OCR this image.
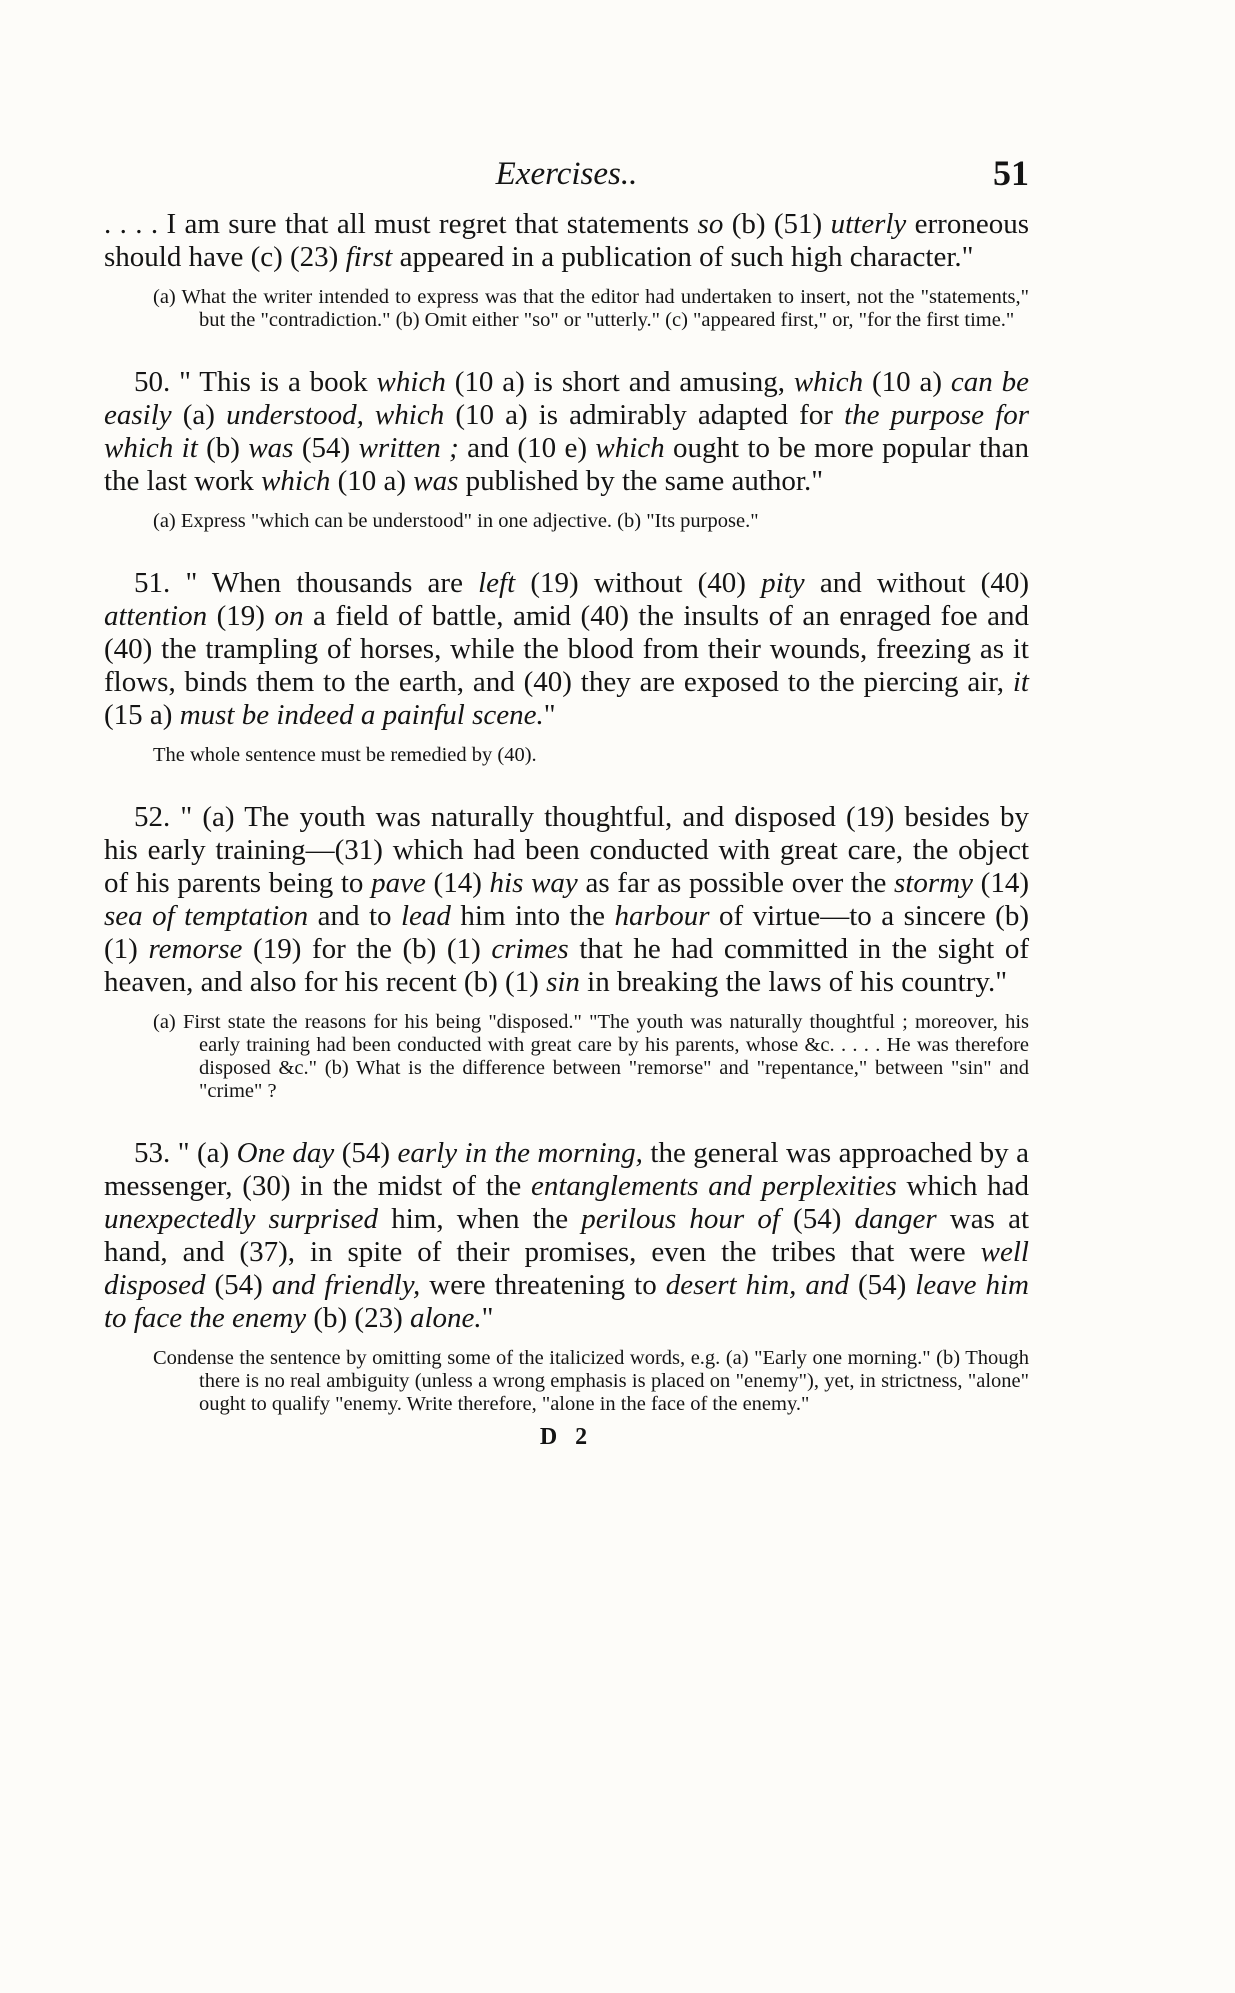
Exercises..	51

. . . . I am sure that all must regret that statements so (b) (51) utterly erroneous should have (c) (23) first appeared in a publication of such high character."

(a) What the writer intended to express was that the editor had undertaken to insert, not the "statements," but the "contradiction." (b) Omit either "so" or "utterly." (c) "appeared first," or, "for the first time."

50. " This is a book which (10 a) is short and amusing, which (10 a) can be easily (a) understood, which (10 a) is admirably adapted for the purpose for which it (b) was (54) written ; and (10 e) which ought to be more popular than the last work which (10 a) was published by the same author."

(a) Express "which can be understood" in one adjective. (b) "Its purpose."

51. " When thousands are left (19) without (40) pity and without (40) attention (19) on a field of battle, amid (40) the insults of an enraged foe and (40) the trampling of horses, while the blood from their wounds, freezing as it flows, binds them to the earth, and (40) they are exposed to the piercing air, it (15 a) must be indeed a painful scene."

The whole sentence must be remedied by (40).

52. " (a) The youth was naturally thoughtful, and disposed (19) besides by his early training—(31) which had been conducted with great care, the object of his parents being to pave (14) his way as far as possible over the stormy (14) sea of temptation and to lead him into the harbour of virtue—to a sincere (b) (1) remorse (19) for the (b) (1) crimes that he had committed in the sight of heaven, and also for his recent (b) (1) sin in breaking the laws of his country."

(a) First state the reasons for his being "disposed." "The youth was naturally thoughtful ; moreover, his early training had been conducted with great care by his parents, whose &c. . . . . He was therefore disposed &c." (b) What is the difference between "remorse" and "repentance," between "sin" and "crime" ?

53. " (a) One day (54) early in the morning, the general was approached by a messenger, (30) in the midst of the entanglements and perplexities which had unexpectedly surprised him, when the perilous hour of (54) danger was at hand, and (37), in spite of their promises, even the tribes that were well disposed (54) and friendly, were threatening to desert him, and (54) leave him to face the enemy (b) (23) alone."

Condense the sentence by omitting some of the italicized words, e.g. (a) "Early one morning." (b) Though there is no real ambiguity (unless a wrong emphasis is placed on "enemy"), yet, in strictness, "alone" ought to qualify "enemy. Write therefore, "alone in the face of the enemy."

D 2
